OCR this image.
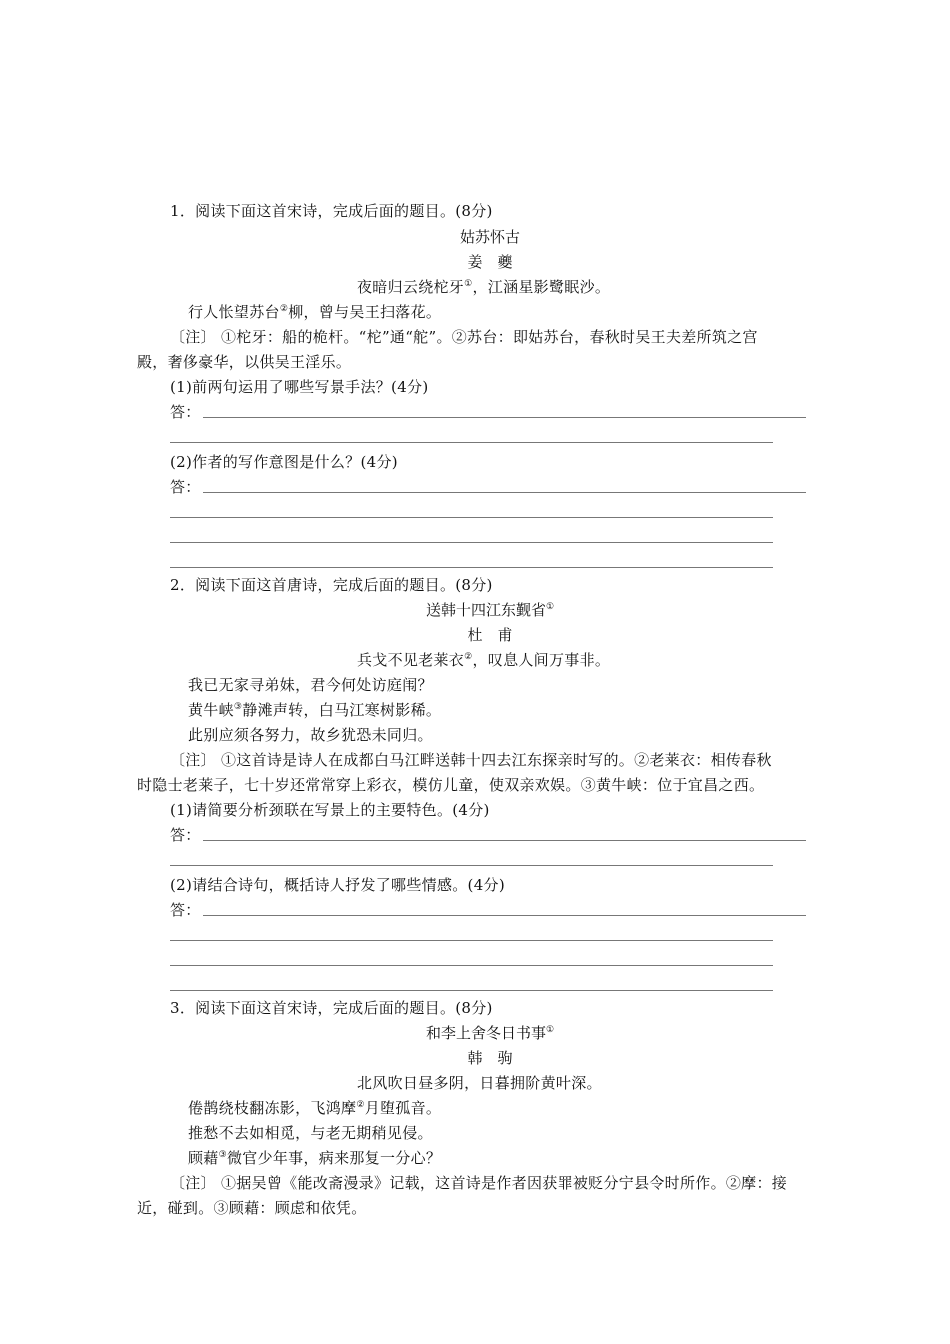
1．阅读下面这首宋诗，完成后面的题目。(8分)
姑苏怀古
姜　夔
夜暗归云绕柁牙①，江涵星影鹭眠沙。
行人怅望苏台②柳，曾与吴王扫落花。
〔注〕 ①柁牙：船的桅杆。“柁”通“舵”。②苏台：即姑苏台，春秋时吴王夫差所筑之宫
殿，奢侈豪华，以供吴王淫乐。
(1)前两句运用了哪些写景手法？(4分)
答：
(2)作者的写作意图是什么？(4分)
答：
2．阅读下面这首唐诗，完成后面的题目。(8分)
送韩十四江东觐省①
杜　甫
兵戈不见老莱衣②，叹息人间万事非。
我已无家寻弟妹，君今何处访庭闱？
黄牛峡③静滩声转，白马江寒树影稀。
此别应须各努力，故乡犹恐未同归。
〔注〕 ①这首诗是诗人在成都白马江畔送韩十四去江东探亲时写的。②老莱衣：相传春秋
时隐士老莱子，七十岁还常常穿上彩衣，模仿儿童，使双亲欢娱。③黄牛峡：位于宜昌之西。
(1)请简要分析颈联在写景上的主要特色。(4分)
答：
(2)请结合诗句，概括诗人抒发了哪些情感。(4分)
答：
3．阅读下面这首宋诗，完成后面的题目。(8分)
和李上舍冬日书事①
韩　驹
北风吹日昼多阴，日暮拥阶黄叶深。
倦鹊绕枝翻冻影，飞鸿摩②月堕孤音。
推愁不去如相觅，与老无期稍见侵。
顾藉③微官少年事，病来那复一分心？
〔注〕 ①据吴曾《能改斋漫录》记载，这首诗是作者因获罪被贬分宁县令时所作。②摩：接
近，碰到。③顾藉：顾虑和依凭。
